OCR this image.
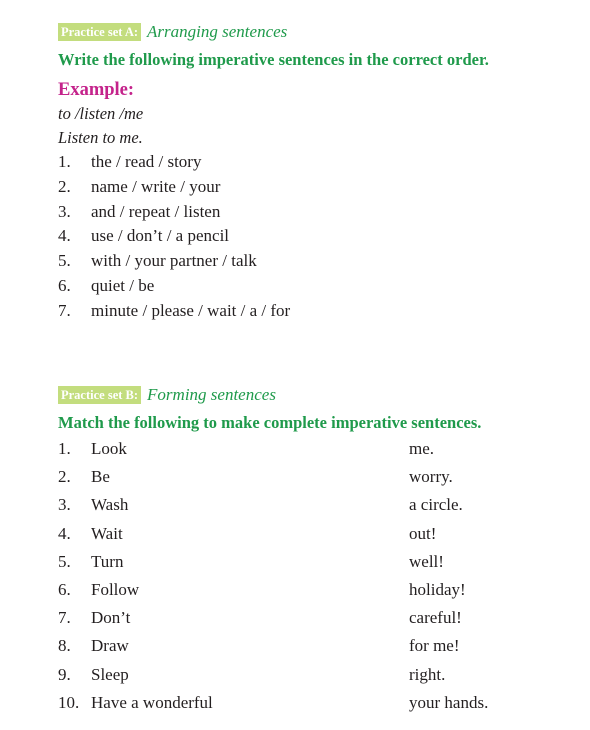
Practice set A: Arranging sentences
Write the following imperative sentences in the correct order.
Example:
to /listen /me
Listen to me.
1. the / read / story
2. name / write / your
3. and / repeat / listen
4. use / don’t / a pencil
5. with / your partner / talk
6. quiet / be
7. minute / please / wait / a / for
Practice set B: Forming sentences
Match the following to make complete imperative sentences.
1. Look	me.
2. Be	worry.
3. Wash	a circle.
4. Wait	out!
5. Turn	well!
6. Follow	holiday!
7. Don’t	careful!
8. Draw	for me!
9. Sleep	right.
10. Have a wonderful	your hands.
